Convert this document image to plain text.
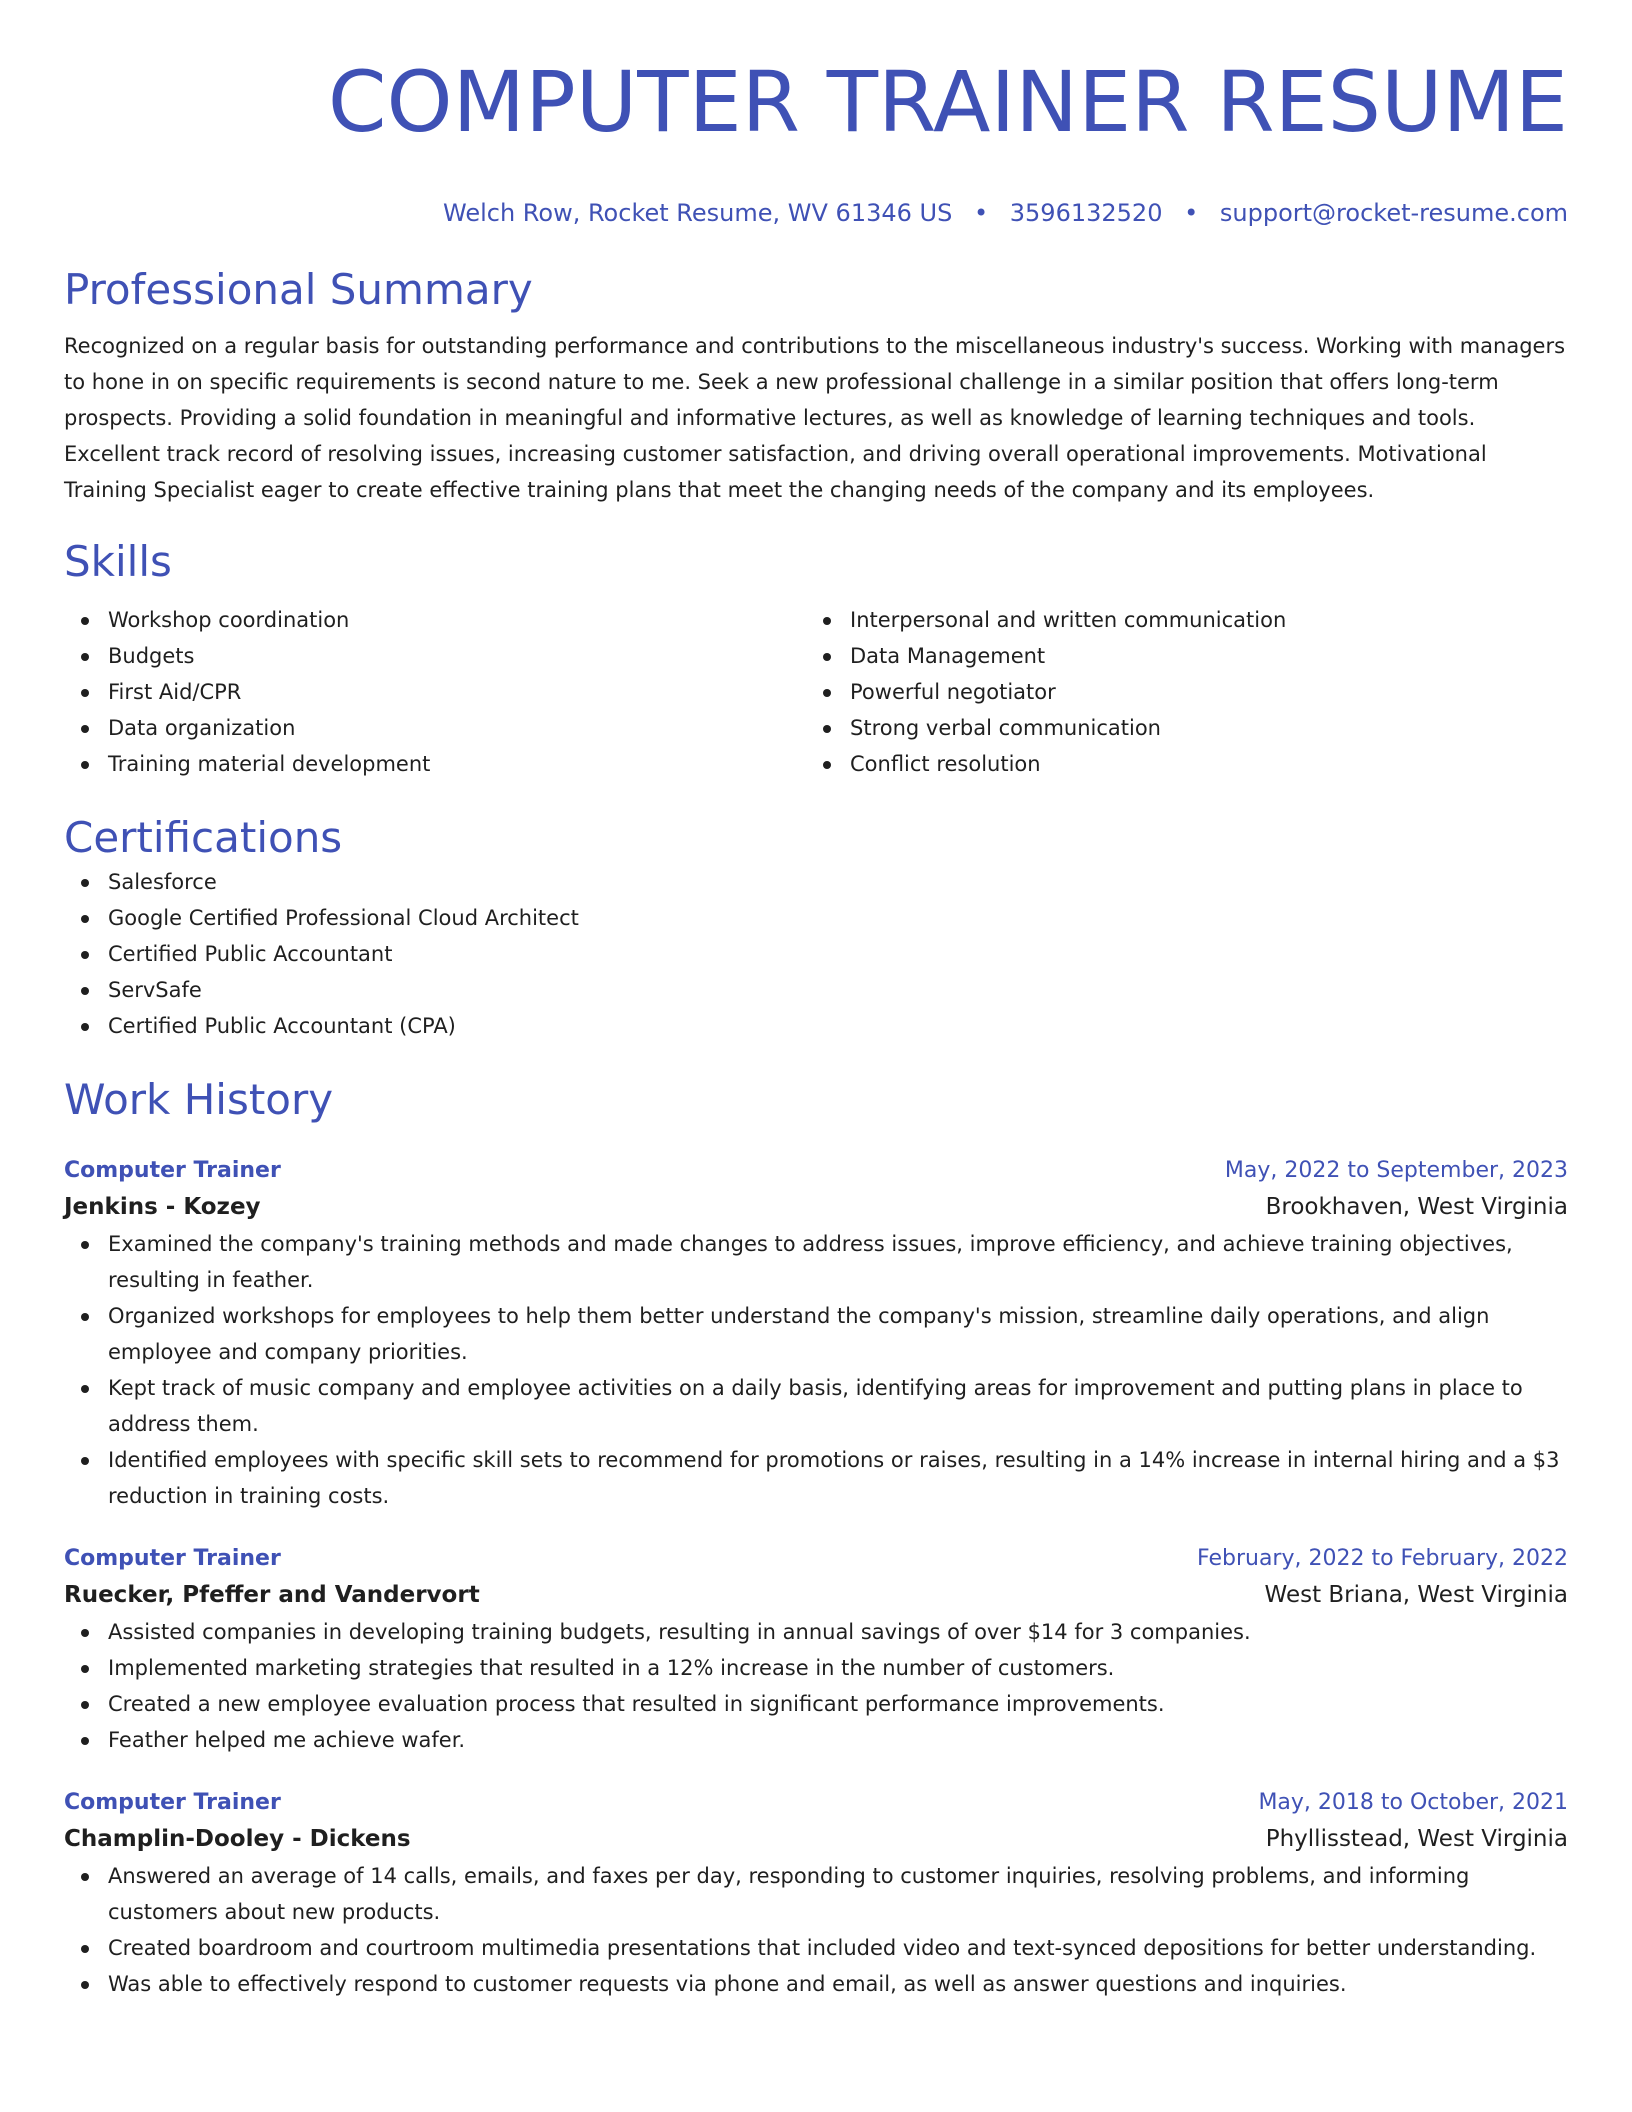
COMPUTER TRAINER RESUME
Welch Row, Rocket Resume, WV 61346 US • 3596132520 • support@rocket-resume.com
Professional Summary
Recognized on a regular basis for outstanding performance and contributions to the miscellaneous industry's success. Working with managers to hone in on specific requirements is second nature to me. Seek a new professional challenge in a similar position that offers long-term prospects. Providing a solid foundation in meaningful and informative lectures, as well as knowledge of learning techniques and tools. Excellent track record of resolving issues, increasing customer satisfaction, and driving overall operational improvements. Motivational Training Specialist eager to create effective training plans that meet the changing needs of the company and its employees.
Skills
Workshop coordination
Budgets
First Aid/CPR
Data organization
Training material development
Interpersonal and written communication
Data Management
Powerful negotiator
Strong verbal communication
Conflict resolution
Certifications
Salesforce
Google Certified Professional Cloud Architect
Certified Public Accountant
ServSafe
Certified Public Accountant (CPA)
Work History
Computer Trainer	May, 2022 to September, 2023
Jenkins - Kozey	Brookhaven, West Virginia
Examined the company's training methods and made changes to address issues, improve efficiency, and achieve training objectives, resulting in feather.
Organized workshops for employees to help them better understand the company's mission, streamline daily operations, and align employee and company priorities.
Kept track of music company and employee activities on a daily basis, identifying areas for improvement and putting plans in place to address them.
Identified employees with specific skill sets to recommend for promotions or raises, resulting in a 14% increase in internal hiring and a $3 reduction in training costs.
Computer Trainer	February, 2022 to February, 2022
Ruecker, Pfeffer and Vandervort	West Briana, West Virginia
Assisted companies in developing training budgets, resulting in annual savings of over $14 for 3 companies.
Implemented marketing strategies that resulted in a 12% increase in the number of customers.
Created a new employee evaluation process that resulted in significant performance improvements.
Feather helped me achieve wafer.
Computer Trainer	May, 2018 to October, 2021
Champlin-Dooley - Dickens	Phyllisstead, West Virginia
Answered an average of 14 calls, emails, and faxes per day, responding to customer inquiries, resolving problems, and informing customers about new products.
Created boardroom and courtroom multimedia presentations that included video and text-synced depositions for better understanding.
Was able to effectively respond to customer requests via phone and email, as well as answer questions and inquiries.
